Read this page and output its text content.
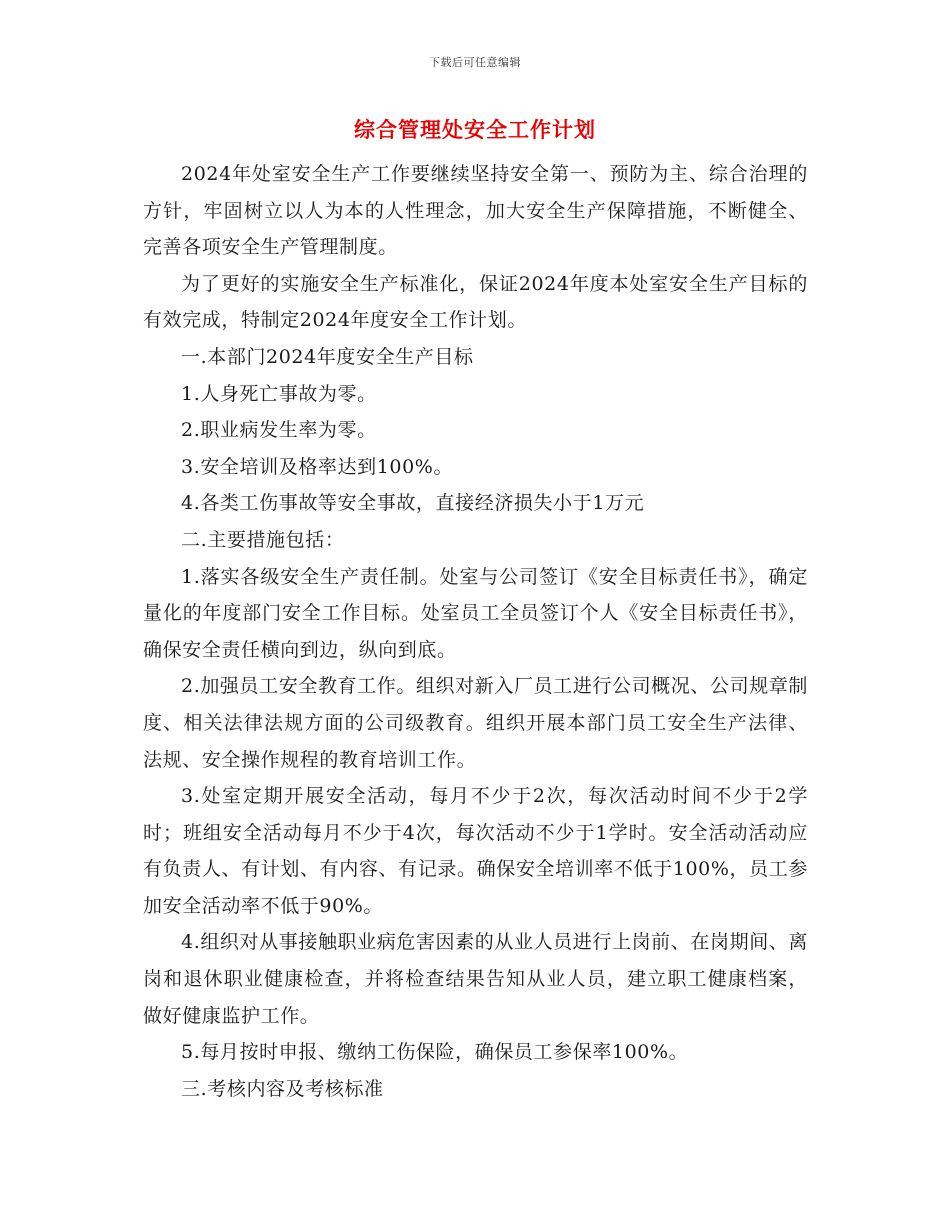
下载后可任意编辑
综合管理处安全工作计划

2024年处室安全生产工作要继续坚持安全第一、预防为主、综合治理的方针，牢固树立以人为本的人性理念，加大安全生产保障措施，不断健全、完善各项安全生产管理制度。

为了更好的实施安全生产标准化，保证2024年度本处室安全生产目标的有效完成，特制定2024年度安全工作计划。

一.本部门2024年度安全生产目标

1.人身死亡事故为零。

2.职业病发生率为零。

3.安全培训及格率达到100%。

4.各类工伤事故等安全事故，直接经济损失小于1万元

二.主要措施包括：

1.落实各级安全生产责任制。处室与公司签订《安全目标责任书》，确定量化的年度部门安全工作目标。处室员工全员签订个人《安全目标责任书》，确保安全责任横向到边，纵向到底。

2.加强员工安全教育工作。组织对新入厂员工进行公司概况、公司规章制度、相关法律法规方面的公司级教育。组织开展本部门员工安全生产法律、法规、安全操作规程的教育培训工作。

3.处室定期开展安全活动，每月不少于2次，每次活动时间不少于2学时；班组安全活动每月不少于4次，每次活动不少于1学时。安全活动活动应有负责人、有计划、有内容、有记录。确保安全培训率不低于100%，员工参加安全活动率不低于90%。

4.组织对从事接触职业病危害因素的从业人员进行上岗前、在岗期间、离岗和退休职业健康检查，并将检查结果告知从业人员，建立职工健康档案，做好健康监护工作。

5.每月按时申报、缴纳工伤保险，确保员工参保率100%。

三.考核内容及考核标准
